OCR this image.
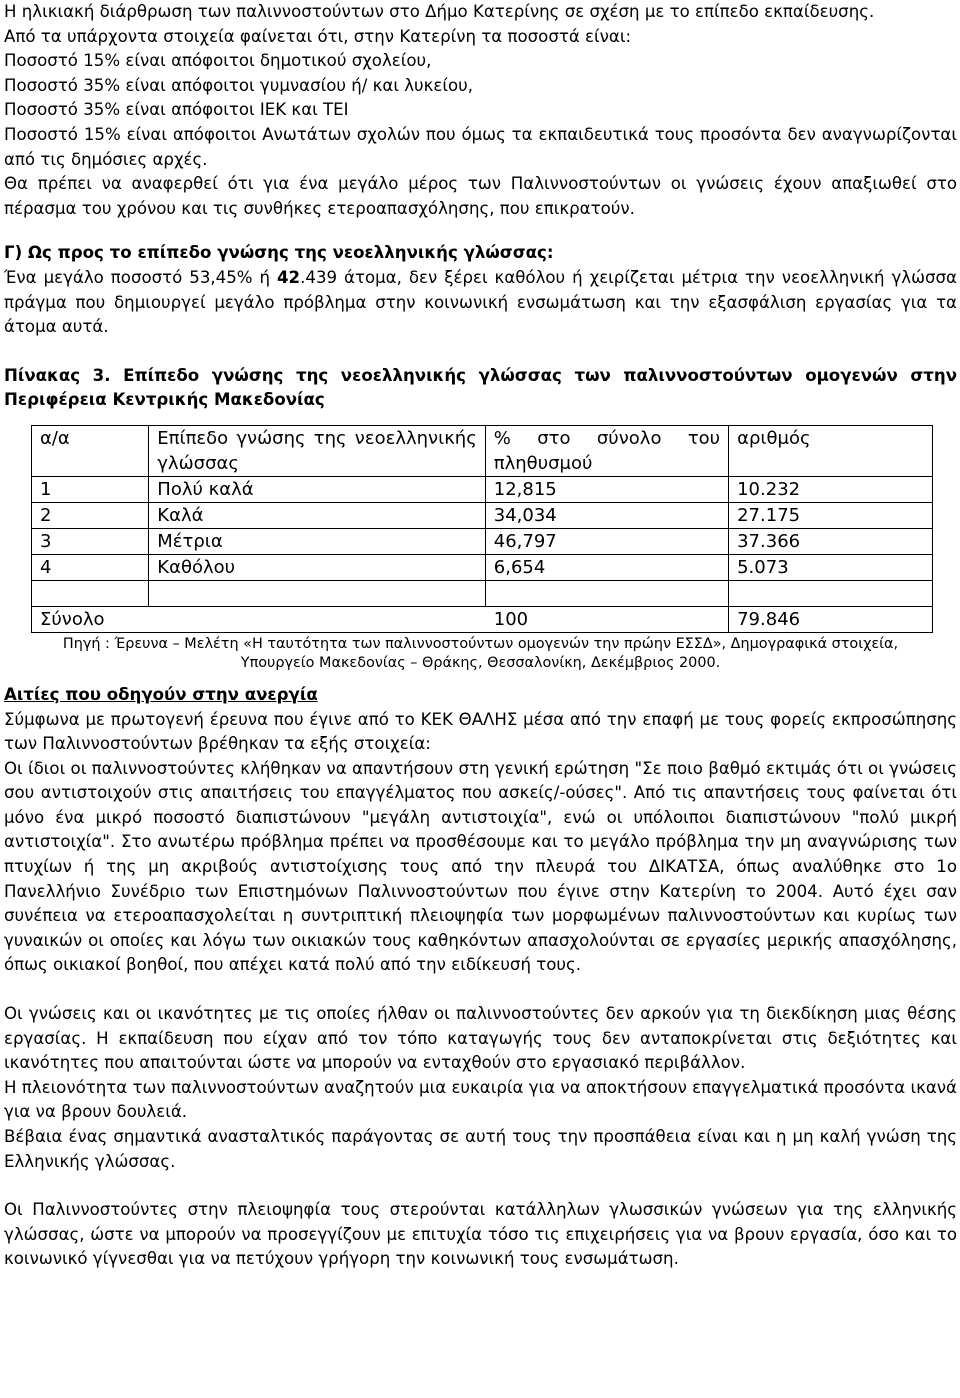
Η ηλικιακή διάρθρωση των παλιννοστούντων στο Δήμο Κατερίνης σε σχέση με το επίπεδο εκπαίδευσης.

Από τα υπάρχοντα στοιχεία φαίνεται ότι, στην Κατερίνη τα ποσοστά είναι:

Ποσοστό 15% είναι απόφοιτοι δημοτικού σχολείου,

Ποσοστό 35% είναι απόφοιτοι γυμνασίου ή/ και λυκείου,

Ποσοστό 35% είναι απόφοιτοι ΙΕΚ και ΤΕΙ

Ποσοστό 15% είναι απόφοιτοι Ανωτάτων σχολών που όμως τα εκπαιδευτικά τους προσόντα δεν αναγνωρίζονται από τις δημόσιες αρχές.

Θα πρέπει να αναφερθεί ότι για ένα μεγάλο μέρος των Παλιννοστούντων οι γνώσεις έχουν απαξιωθεί στο πέρασμα του χρόνου και τις συνθήκες ετεροαπασχόλησης, που επικρατούν.

Γ) Ως προς το επίπεδο γνώσης της νεοελληνικής γλώσσας:

Ένα μεγάλο ποσοστό 53,45% ή 42.439 άτομα, δεν ξέρει καθόλου ή χειρίζεται μέτρια την νεοελληνική γλώσσα πράγμα που δημιουργεί μεγάλο πρόβλημα στην κοινωνική ενσωμάτωση και την εξασφάλιση εργασίας για τα άτομα αυτά.

Πίνακας 3. Επίπεδο γνώσης της νεοελληνικής γλώσσας των παλιννοστούντων ομογενών στην Περιφέρεια Κεντρικής Μακεδονίας

α/α	Επίπεδο γνώσης της νεοελληνικής γλώσσας	% στο σύνολο του πληθυσμού	αριθμός
1	Πολύ καλά	12,815	10.232
2	Καλά	34,034	27.175
3	Μέτρια	46,797	37.366
4	Καθόλου	6,654	5.073

Σύνολο		100	79.846
Πηγή : Έρευνα – Μελέτη «Η ταυτότητα των παλιννοστούντων ομογενών την πρώην ΕΣΣΔ», Δημογραφικά στοιχεία,
Υπουργείο Μακεδονίας – Θράκης, Θεσσαλονίκη, Δεκέμβριος 2000.

Αιτίες που οδηγούν στην ανεργία

Σύμφωνα με πρωτογενή έρευνα που έγινε από το ΚΕΚ ΘΑΛΗΣ μέσα από την επαφή με τους φορείς εκπροσώπησης των Παλιννοστούντων βρέθηκαν τα εξής στοιχεία:

Οι ίδιοι οι παλιννοστούντες κλήθηκαν να απαντήσουν στη γενική ερώτηση "Σε ποιο βαθμό εκτιμάς ότι οι γνώσεις σου αντιστοιχούν στις απαιτήσεις του επαγγέλματος που ασκείς/-ούσες". Από τις απαντήσεις τους φαίνεται ότι μόνο ένα μικρό ποσοστό διαπιστώνουν "μεγάλη αντιστοιχία", ενώ οι υπόλοιποι διαπιστώνουν "πολύ μικρή αντιστοιχία". Στο ανωτέρω πρόβλημα πρέπει να προσθέσουμε και το μεγάλο πρόβλημα την μη αναγνώρισης των πτυχίων ή της μη ακριβούς αντιστοίχισης τους από την πλευρά του ΔΙΚΑΤΣΑ, όπως αναλύθηκε στο 1ο Πανελλήνιο Συνέδριο των Επιστημόνων Παλιννοστούντων που έγινε στην Κατερίνη το 2004. Αυτό έχει σαν συνέπεια να ετεροαπασχολείται η συντριπτική πλειοψηφία των μορφωμένων παλιννοστούντων και κυρίως των γυναικών οι οποίες και λόγω των οικιακών τους καθηκόντων απασχολούνται σε εργασίες μερικής απασχόλησης, όπως οικιακοί βοηθοί, που απέχει κατά πολύ από την ειδίκευσή τους.

Οι γνώσεις και οι ικανότητες με τις οποίες ήλθαν οι παλιννοστούντες δεν αρκούν για τη διεκδίκηση μιας θέσης εργασίας. Η εκπαίδευση που είχαν από τον τόπο καταγωγής τους δεν ανταποκρίνεται στις δεξιότητες και ικανότητες που απαιτούνται ώστε να μπορούν να ενταχθούν στο εργασιακό περιβάλλον.

Η πλειονότητα των παλιννοστούντων αναζητούν μια ευκαιρία για να αποκτήσουν επαγγελματικά προσόντα ικανά για να βρουν δουλειά.

Βέβαια ένας σημαντικά ανασταλτικός παράγοντας σε αυτή τους την προσπάθεια είναι και η μη καλή γνώση της Ελληνικής γλώσσας.

Οι Παλιννοστούντες στην πλειοψηφία τους στερούνται κατάλληλων γλωσσικών γνώσεων για της ελληνικής γλώσσας, ώστε να μπορούν να προσεγγίζουν με επιτυχία τόσο τις επιχειρήσεις για να βρουν εργασία, όσο και το κοινωνικό γίγνεσθαι για να πετύχουν γρήγορη την κοινωνική τους ενσωμάτωση.
